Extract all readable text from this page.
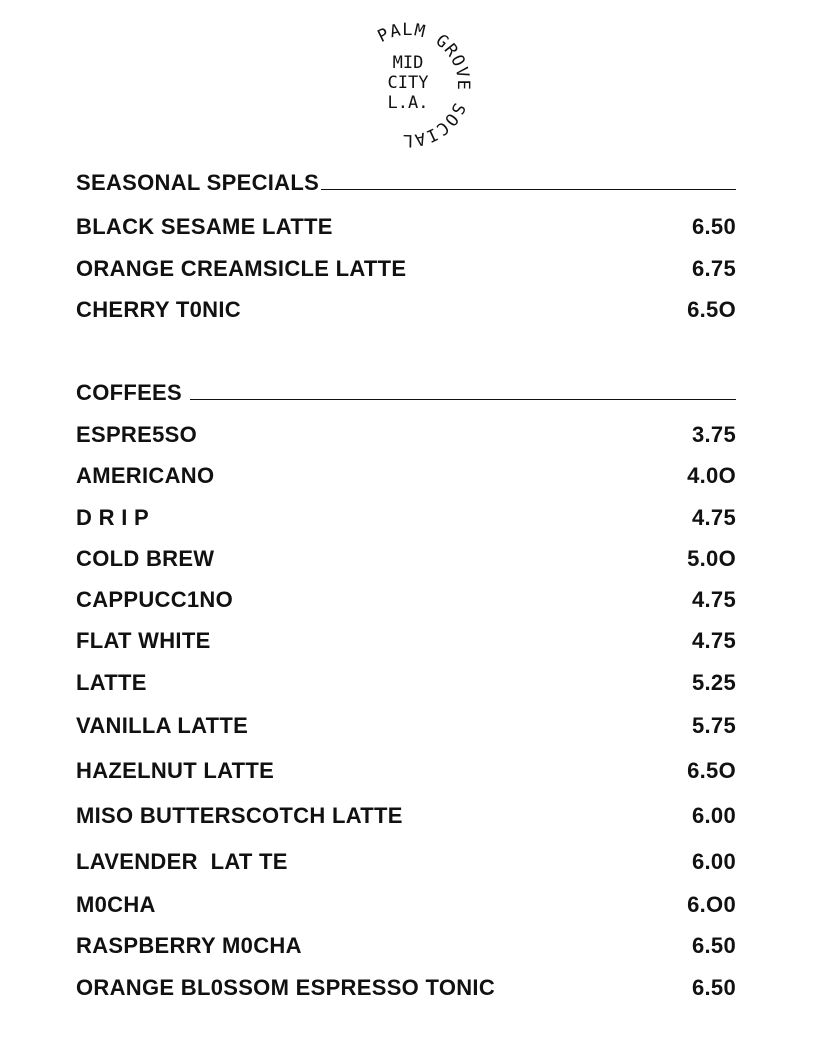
PALM GROVE SOCIAL
MID
CITY
L.A.
SEASONAL SPECIALS
BLACK SESAME LATTE	6.50
ORANGE CREAMSICLE LATTE	6.75
CHERRY T0NIC	6.5O
COFFEES
ESPRE5SO	3.75
AMERICANO	4.0O
D R I P	4.75
COLD BREW	5.0O
CAPPUCC1NO	4.75
FLAT WHITE	4.75
LATTE	5.25
VANILLA LATTE	5.75
HAZELNUT LATTE	6.5O
MISO BUTTERSCOTCH LATTE	6.00
LAVENDER  LAT TE	6.00
M0CHA	6.O0
RASPBERRY M0CHA	6.50
ORANGE BL0SSOM ESPRESSO TONIC	6.50
